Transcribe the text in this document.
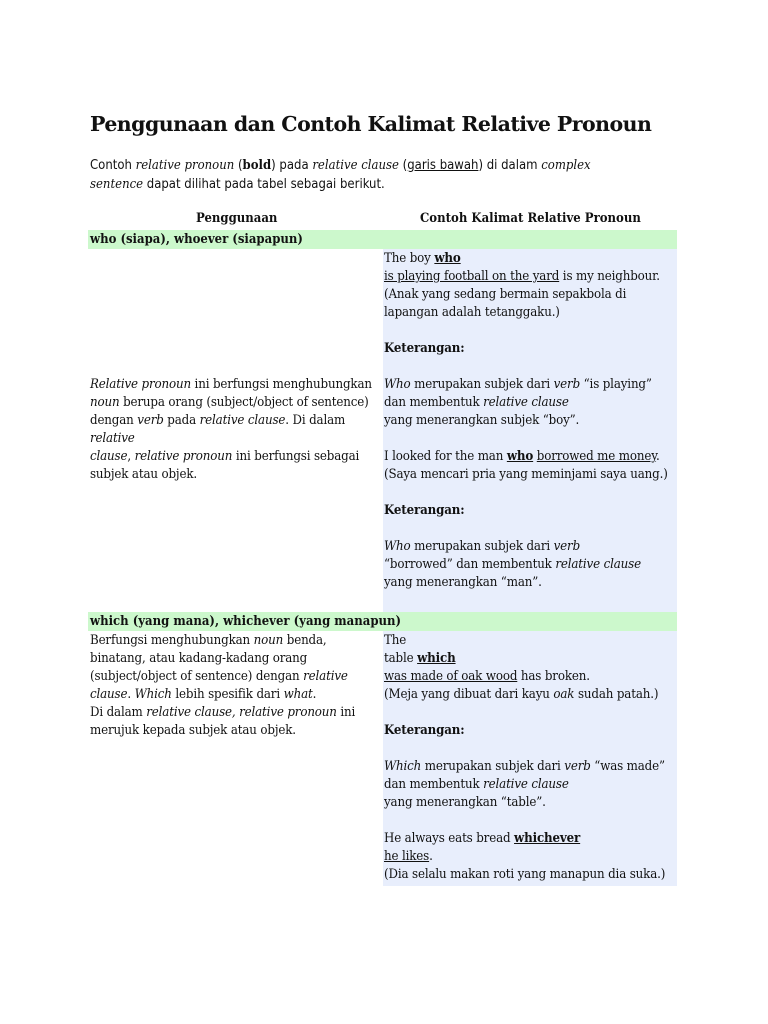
Penggunaan dan Contoh Kalimat Relative Pronoun
Contoh relative pronoun (bold) pada relative clause (garis bawah) di dalam complex
sentence dapat dilihat pada tabel sebagai berikut.
Penggunaan	Contoh Kalimat Relative Pronoun
who (siapa), whoever (siapapun)
Relative pronoun ini berfungsi menghubungkan
noun berupa orang (subject/object of sentence)
dengan verb pada relative clause. Di dalam
relative
clause, relative pronoun ini berfungsi sebagai
subjek atau objek.
The boy who
is playing football on the yard is my neighbour.
(Anak yang sedang bermain sepakbola di
lapangan adalah tetanggaku.)

Keterangan:

Who merupakan subjek dari verb “is playing”
dan membentuk relative clause
yang menerangkan subjek “boy”.

I looked for the man who borrowed me money.
(Saya mencari pria yang meminjami saya uang.)

Keterangan:

Who merupakan subjek dari verb
“borrowed” dan membentuk relative clause
yang menerangkan “man”.
which (yang mana), whichever (yang manapun)
Berfungsi menghubungkan noun benda,
binatang, atau kadang-kadang orang
(subject/object of sentence) dengan relative
clause. Which lebih spesifik dari what.
Di dalam relative clause, relative pronoun ini
merujuk kepada subjek atau objek.
The
table which
was made of oak wood has broken.
(Meja yang dibuat dari kayu oak sudah patah.)

Keterangan:

Which merupakan subjek dari verb “was made”
dan membentuk relative clause
yang menerangkan “table”.

He always eats bread whichever
he likes.
(Dia selalu makan roti yang manapun dia suka.)
